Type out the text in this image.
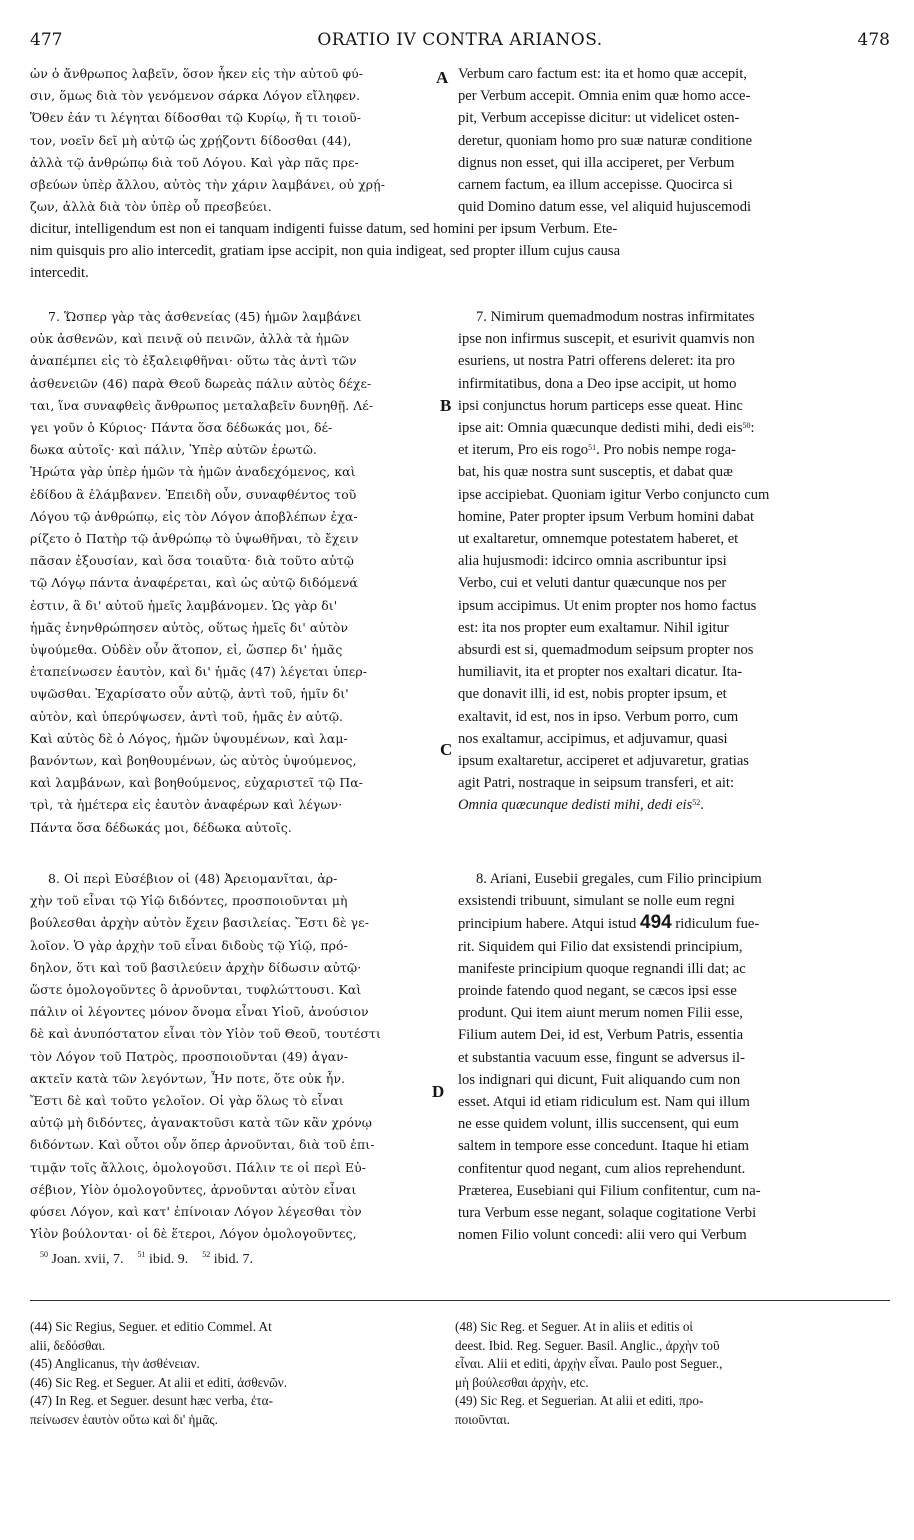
477	ORATIO IV CONTRA ARIANOS.	478
A
B
C
D

ὡν ὁ ἄνθρωπος λαβεῖν, ὅσον ἧκεν εἰς τὴν αὐτοῦ φύ-

σιν, ὅμως διὰ τὸν γενόμενον σάρκα Λόγον εἴληφεν.

Ὅθεν ἐάν τι λέγηται δίδοσθαι τῷ Κυρίῳ, ἤ τι τοιοῦ-

τον, νοεῖν δεῖ μὴ αὐτῷ ὡς χρῄζοντι δίδοσθαι (44),

ἀλλὰ τῷ ἀνθρώπῳ διὰ τοῦ Λόγου. Καὶ γὰρ πᾶς πρε-

σβεύων ὑπὲρ ἄλλου, αὐτὸς τὴν χάριν λαμβάνει, οὐ χρῄ-

ζων, ἀλλὰ διὰ τὸν ὑπὲρ οὗ πρεσβεύει.

Verbum caro factum est: ita et homo quæ accepit,

per Verbum accepit. Omnia enim quæ homo acce-

pit, Verbum accepisse dicitur: ut videlicet osten-

deretur, quoniam homo pro suæ naturæ conditione

dignus non esset, qui illa acciperet, per Verbum

carnem factum, ea illum accepisse. Quocirca si

quid Domino datum esse, vel aliquid hujuscemodi

dicitur, intelligendum est non ei tanquam indigenti fuisse datum, sed homini per ipsum Verbum. Ete-

nim quisquis pro alio intercedit, gratiam ipse accipit, non quia indigeat, sed propter illum cujus causa

intercedit.

7. Ὥσπερ γὰρ τὰς ἀσθενείας (45) ἡμῶν λαμβάνει

οὐκ ἀσθενῶν, καὶ πεινᾷ οὐ πεινῶν, ἀλλὰ τὰ ἡμῶν

ἀναπέμπει εἰς τὸ ἐξαλειφθῆναι· οὕτω τὰς ἀντὶ τῶν

ἀσθενειῶν (46) παρὰ Θεοῦ δωρεὰς πάλιν αὐτὸς δέχε-

ται, ἵνα συναφθεὶς ἄνθρωπος μεταλαβεῖν δυνηθῇ. Λέ-

γει γοῦν ὁ Κύριος· Πάντα ὅσα δέδωκάς μοι, δέ-

δωκα αὐτοῖς· καὶ πάλιν, Ὑπὲρ αὐτῶν ἐρωτῶ.

Ἠρώτα γὰρ ὑπὲρ ἡμῶν τὰ ἡμῶν ἀναδεχόμενος, καὶ

ἐδίδου ἃ ἐλάμβανεν. Ἐπειδὴ οὖν, συναφθέντος τοῦ

Λόγου τῷ ἀνθρώπῳ, εἰς τὸν Λόγον ἀποβλέπων ἐχα-

ρίζετο ὁ Πατὴρ τῷ ἀνθρώπῳ τὸ ὑψωθῆναι, τὸ ἔχειν

πᾶσαν ἐξουσίαν, καὶ ὅσα τοιαῦτα· διὰ τοῦτο αὐτῷ

τῷ Λόγῳ πάντα ἀναφέρεται, καὶ ὡς αὐτῷ διδόμενά

ἐστιν, ἃ δι' αὐτοῦ ἡμεῖς λαμβάνομεν. Ὡς γὰρ δι'

ἡμᾶς ἐνηνθρώπησεν αὐτὸς, οὕτως ἡμεῖς δι' αὐτὸν

ὑψούμεθα. Οὐδὲν οὖν ἄτοπον, εἰ, ὥσπερ δι' ἡμᾶς

ἐταπείνωσεν ἑαυτὸν, καὶ δι' ἡμᾶς (47) λέγεται ὑπερ-

υψῶσθαι. Ἐχαρίσατο οὖν αὐτῷ, ἀντὶ τοῦ, ἡμῖν δι'

αὐτὸν, καὶ ὑπερύψωσεν, ἀντὶ τοῦ, ἡμᾶς ἐν αὐτῷ.

Καὶ αὐτὸς δὲ ὁ Λόγος, ἡμῶν ὑψουμένων, καὶ λαμ-

βανόντων, καὶ βοηθουμένων, ὡς αὐτὸς ὑψούμενος,

καὶ λαμβάνων, καὶ βοηθούμενος, εὐχαριστεῖ τῷ Πα-

τρὶ, τὰ ἡμέτερα εἰς ἑαυτὸν ἀναφέρων καὶ λέγων·

Πάντα ὅσα δέδωκάς μοι, δέδωκα αὐτοῖς.

7. Nimirum quemadmodum nostras infirmitates

ipse non infirmus suscepit, et esurivit quamvis non

esuriens, ut nostra Patri offerens deleret: ita pro

infirmitatibus, dona a Deo ipse accipit, ut homo

ipsi conjunctus horum particeps esse queat. Hinc

ipse ait: Omnia quæcunque dedisti mihi, dedi eis$^{50}$:

et iterum, Pro eis rogo$^{51}$. Pro nobis nempe roga-

bat, his quæ nostra sunt susceptis, et dabat quæ

ipse accipiebat. Quoniam igitur Verbo conjuncto cum

homine, Pater propter ipsum Verbum homini dabat

ut exaltaretur, omnemque potestatem haberet, et

alia hujusmodi: idcirco omnia ascribuntur ipsi

Verbo, cui et veluti dantur quæcunque nos per

ipsum accipimus. Ut enim propter nos homo factus

est: ita nos propter eum exaltamur. Nihil igitur

absurdi est si, quemadmodum seipsum propter nos

humiliavit, ita et propter nos exaltari dicatur. Ita-

que donavit illi, id est, nobis propter ipsum, et

exaltavit, id est, nos in ipso. Verbum porro, cum

nos exaltamur, accipimus, et adjuvamur, quasi

ipsum exaltaretur, acciperet et adjuvaretur, gratias

agit Patri, nostraque in seipsum transferi, et ait:

Omnia quæcunque dedisti mihi, dedi eis$^{52}$.

8. Οἱ περὶ Εὐσέβιον οἱ (48) Ἀρειομανῖται, ἀρ-

χὴν τοῦ εἶναι τῷ Υἱῷ διδόντες, προσποιοῦνται μὴ

βούλεσθαι ἀρχὴν αὐτὸν ἔχειν βασιλείας. Ἔστι δὲ γε-

λοῖον. Ὁ γὰρ ἀρχὴν τοῦ εἶναι διδοὺς τῷ Υἱῷ, πρό-

δηλον, ὅτι καὶ τοῦ βασιλεύειν ἀρχὴν δίδωσιν αὐτῷ·

ὥστε ὁμολογοῦντες ὃ ἀρνοῦνται, τυφλώττουσι. Καὶ

πάλιν οἱ λέγοντες μόνον ὄνομα εἶναι Υἱοῦ, ἀνούσιον

δὲ καὶ ἀνυπόστατον εἶναι τὸν Υἱὸν τοῦ Θεοῦ, τουτέστι

τὸν Λόγον τοῦ Πατρὸς, προσποιοῦνται (49) ἀγαν-

ακτεῖν κατὰ τῶν λεγόντων, Ἦν ποτε, ὅτε οὐκ ἦν.

Ἔστι δὲ καὶ τοῦτο γελοῖον. Οἱ γὰρ ὅλως τὸ εἶναι

αὐτῷ μὴ διδόντες, ἀγανακτοῦσι κατὰ τῶν κἂν χρόνῳ

διδόντων. Καὶ οὗτοι οὖν ὅπερ ἀρνοῦνται, διὰ τοῦ ἐπι-

τιμᾷν τοῖς ἄλλοις, ὁμολογοῦσι. Πάλιν τε οἱ περὶ Εὐ-

σέβιον, Υἱὸν ὁμολογοῦντες, ἀρνοῦνται αὐτὸν εἶναι

φύσει Λόγον, καὶ κατ' ἐπίνοιαν Λόγον λέγεσθαι τὸν

Υἱὸν βούλονται· οἱ δὲ ἕτεροι, Λόγον ὁμολογοῦντες,

8. Ariani, Eusebii gregales, cum Filio principium

exsistendi tribuunt, simulant se nolle eum regni

principium habere. Atqui istud 494 ridiculum fue-

rit. Siquidem qui Filio dat exsistendi principium,

manifeste principium quoque regnandi illi dat; ac

proinde fatendo quod negant, se cæcos ipsi esse

produnt. Qui item aiunt merum nomen Filii esse,

Filium autem Dei, id est, Verbum Patris, essentia

et substantia vacuum esse, fingunt se adversus il-

los indignari qui dicunt, Fuit aliquando cum non

esset. Atqui id etiam ridiculum est. Nam qui illum

ne esse quidem volunt, illis succensent, qui eum

saltem in tempore esse concedunt. Itaque hi etiam

confitentur quod negant, cum alios reprehendunt.

Præterea, Eusebiani qui Filium confitentur, cum na-

tura Verbum esse negant, solaque cogitatione Verbi

nomen Filio volunt concedi: alii vero qui Verbum

$^{50}$ Joan. xvii, 7. $^{51}$ ibid. 9. $^{52}$ ibid. 7.

(44) Sic Regius, Seguer. et editio Commel. At

alii, δεδόσθαι.

(45) Anglicanus, τὴν ἀσθένειαν.

(46) Sic Reg. et Seguer. At alii et editi, ἀσθενῶν.

(47) In Reg. et Seguer. desunt hæc verba, ἐτα-

πείνωσεν ἑαυτὸν οὕτω καὶ δι' ἡμᾶς.

(48) Sic Reg. et Seguer. At in aliis et editis oἱ

deest. Ibid. Reg. Seguer. Basil. Anglic., ἀρχὴν τοῦ

εἶναι. Alii et editi, ἀρχὴν εἶναι. Paulo post Seguer.,

μὴ βούλεσθαι ἀρχὴν, etc.

(49) Sic Reg. et Seguerian. At alii et editi, προ-

ποιοῦνται.
